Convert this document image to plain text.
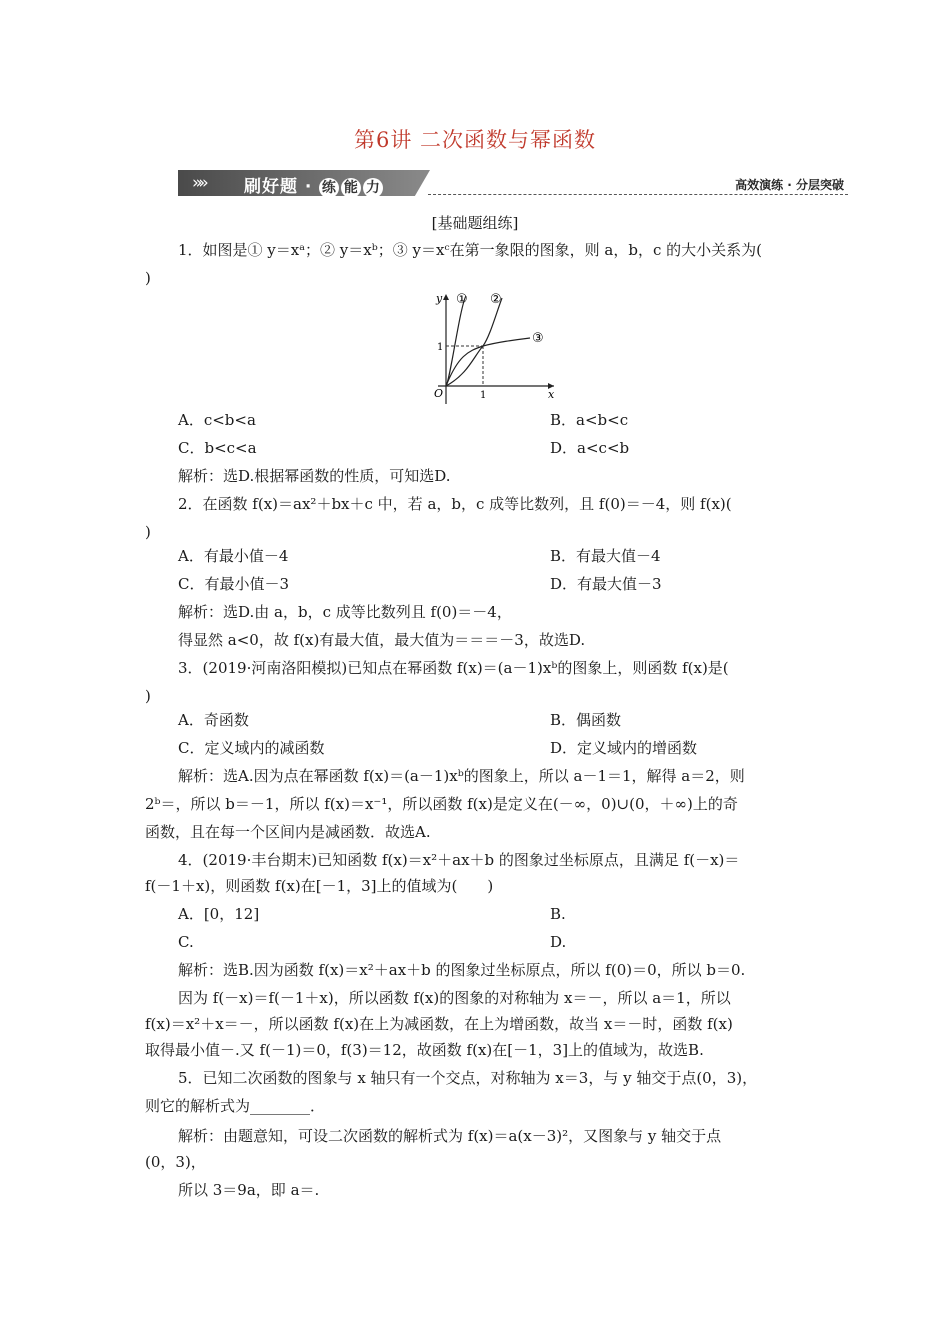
第6讲 二次函数与幂函数
»» 刷好题 · 练 能 力	高效演练 · 分层突破
[基础题组练]
1．如图是① y＝xᵃ；② y＝xᵇ；③ y＝xᶜ在第一象限的图象，则 a，b，c 的大小关系为(
)
y
x
O
1
1
① ②
③
A．c<b<a	B．a<b<c
C．b<c<a	D．a<c<b
解析：选D.根据幂函数的性质，可知选D.
2．在函数 f(x)＝ax²＋bx＋c 中，若 a，b，c 成等比数列，且 f(0)＝－4，则 f(x)(
)
A．有最小值－4	B．有最大值－4
C．有最小值－3	D．有最大值－3
解析：选D.由 a，b，c 成等比数列且 f(0)＝－4，
得显然 a<0，故 f(x)有最大值，最大值为＝＝＝－3，故选D.
3．(2019·河南洛阳模拟)已知点在幂函数 f(x)＝(a－1)xᵇ的图象上，则函数 f(x)是(
)
A．奇函数	B．偶函数
C．定义域内的减函数	D．定义域内的增函数
解析：选A.因为点在幂函数 f(x)＝(a－1)xᵇ的图象上，所以 a－1＝1，解得 a＝2，则
2ᵇ＝，所以 b＝－1，所以 f(x)＝x⁻¹，所以函数 f(x)是定义在(－∞，0)∪(0，＋∞)上的奇
函数，且在每一个区间内是减函数．故选A.
4．(2019·丰台期末)已知函数 f(x)＝x²＋ax＋b 的图象过坐标原点，且满足 f(－x)＝
f(－1＋x)，则函数 f(x)在[－1，3]上的值域为(　　)
A．[0，12]	B.
C.	D.
解析：选B.因为函数 f(x)＝x²＋ax＋b 的图象过坐标原点，所以 f(0)＝0，所以 b＝0.
因为 f(－x)＝f(－1＋x)，所以函数 f(x)的图象的对称轴为 x＝－，所以 a＝1，所以
f(x)＝x²＋x＝－，所以函数 f(x)在上为减函数，在上为增函数，故当 x＝－时，函数 f(x)
取得最小值－.又 f(－1)＝0，f(3)＝12，故函数 f(x)在[－1，3]上的值域为，故选B.
5．已知二次函数的图象与 x 轴只有一个交点，对称轴为 x＝3，与 y 轴交于点(0，3)，
则它的解析式为________．
解析：由题意知，可设二次函数的解析式为 f(x)＝a(x－3)²，又图象与 y 轴交于点
(0，3)，
所以 3＝9a，即 a＝.
